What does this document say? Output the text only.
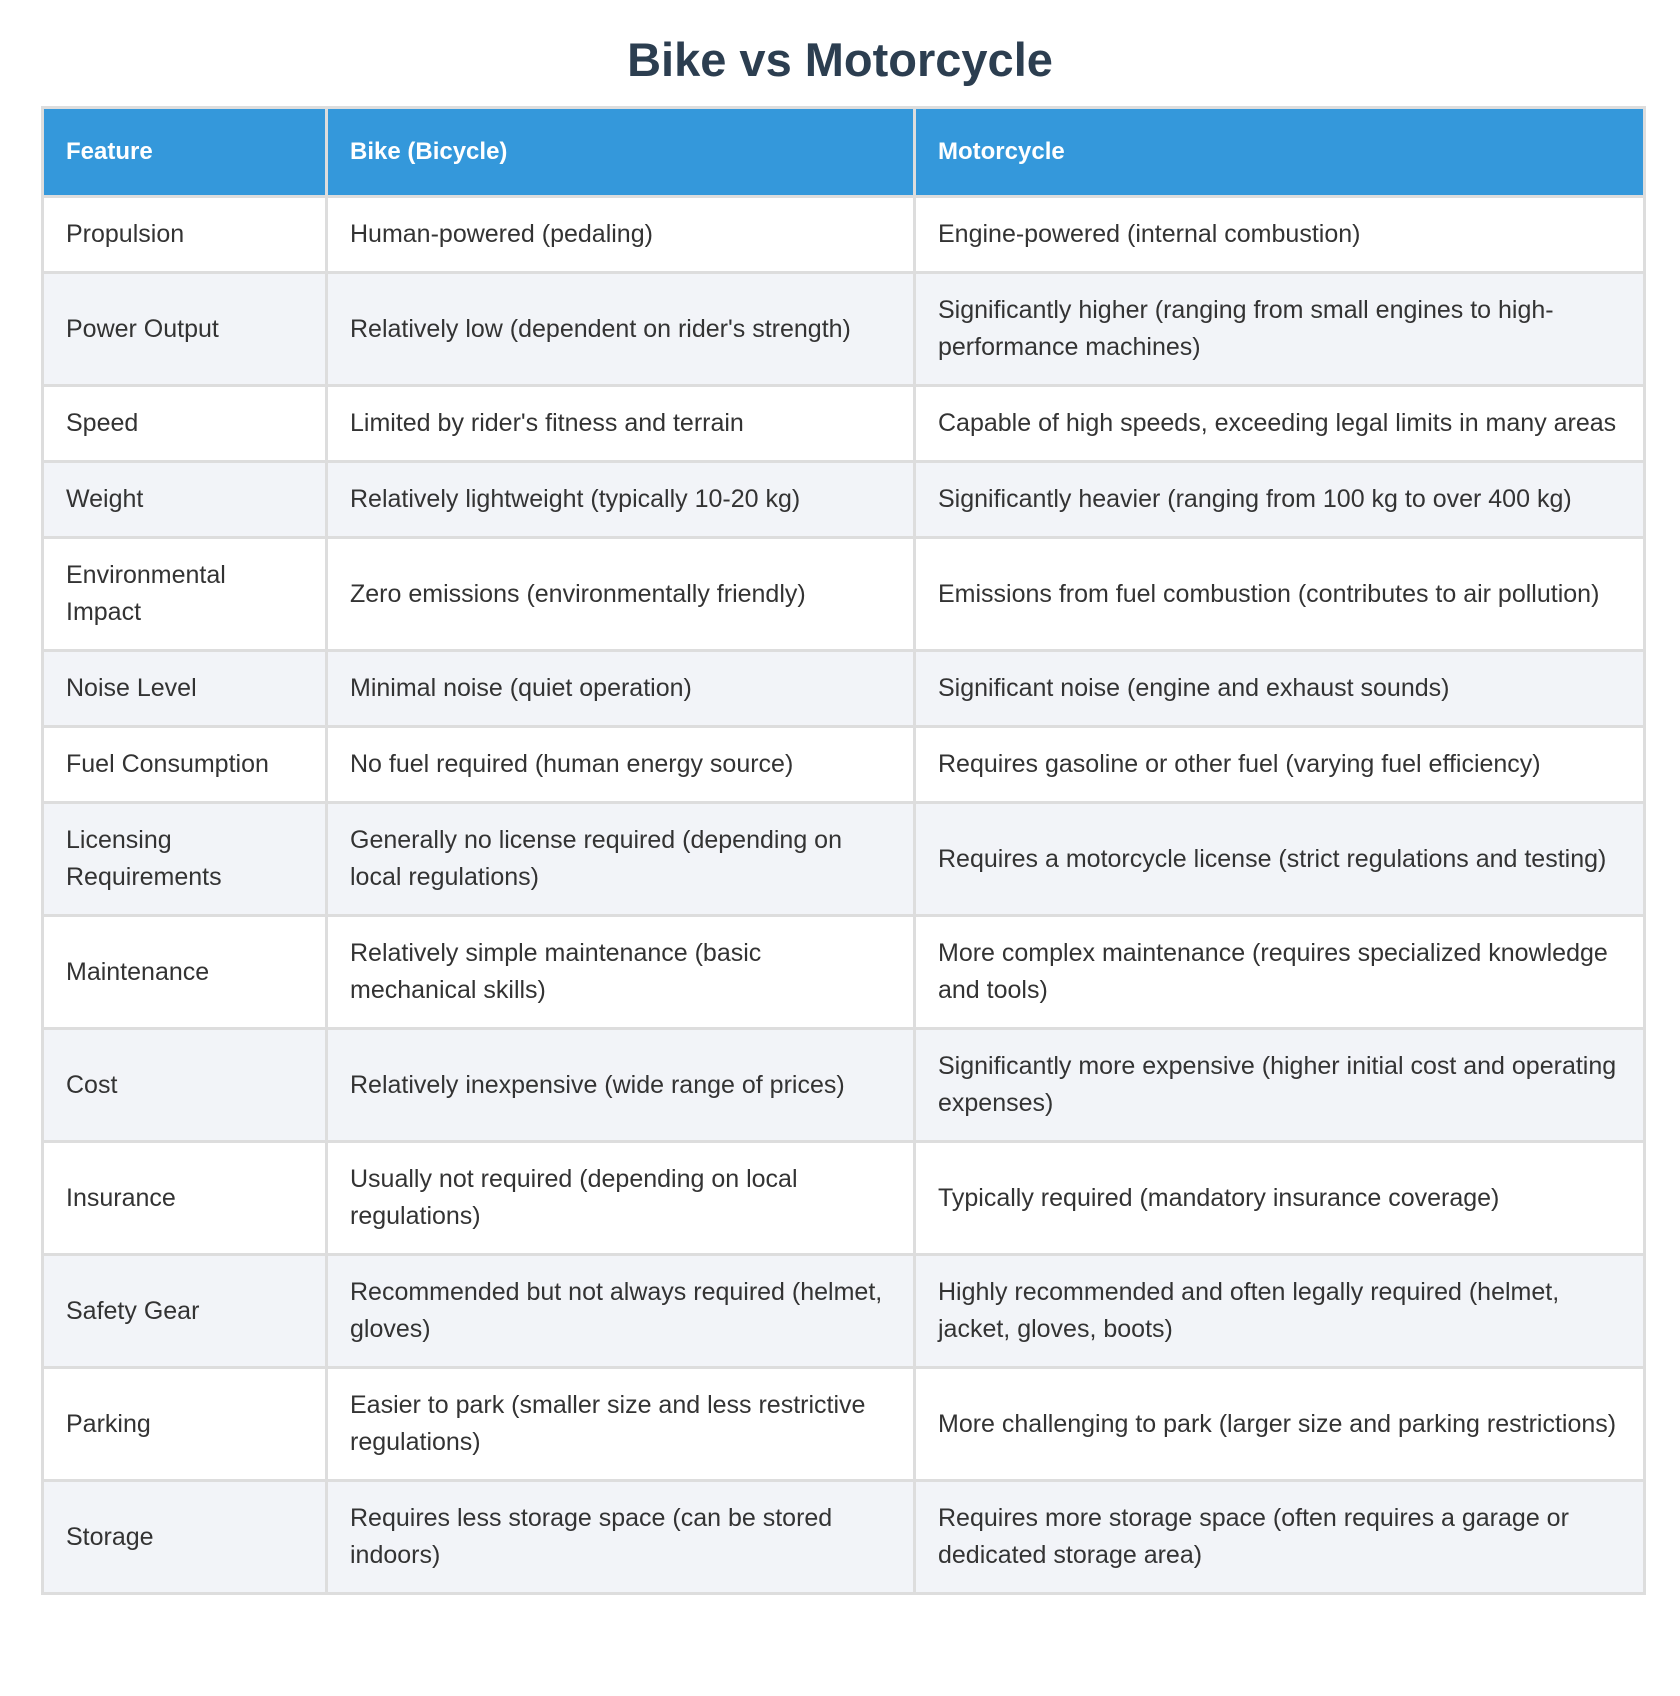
Bike vs Motorcycle
Feature	Bike (Bicycle)	Motorcycle
Propulsion	Human-powered (pedaling)	Engine-powered (internal combustion)
Power Output	Relatively low (dependent on rider's strength)	Significantly higher (ranging from small engines to high-performance machines)
Speed	Limited by rider's fitness and terrain	Capable of high speeds, exceeding legal limits in many areas
Weight	Relatively lightweight (typically 10-20 kg)	Significantly heavier (ranging from 100 kg to over 400 kg)
Environmental Impact	Zero emissions (environmentally friendly)	Emissions from fuel combustion (contributes to air pollution)
Noise Level	Minimal noise (quiet operation)	Significant noise (engine and exhaust sounds)
Fuel Consumption	No fuel required (human energy source)	Requires gasoline or other fuel (varying fuel efficiency)
Licensing Requirements	Generally no license required (depending on local regulations)	Requires a motorcycle license (strict regulations and testing)
Maintenance	Relatively simple maintenance (basic mechanical skills)	More complex maintenance (requires specialized knowledge and tools)
Cost	Relatively inexpensive (wide range of prices)	Significantly more expensive (higher initial cost and operating expenses)
Insurance	Usually not required (depending on local regulations)	Typically required (mandatory insurance coverage)
Safety Gear	Recommended but not always required (helmet, gloves)	Highly recommended and often legally required (helmet, jacket, gloves, boots)
Parking	Easier to park (smaller size and less restrictive regulations)	More challenging to park (larger size and parking restrictions)
Storage	Requires less storage space (can be stored indoors)	Requires more storage space (often requires a garage or dedicated storage area)
